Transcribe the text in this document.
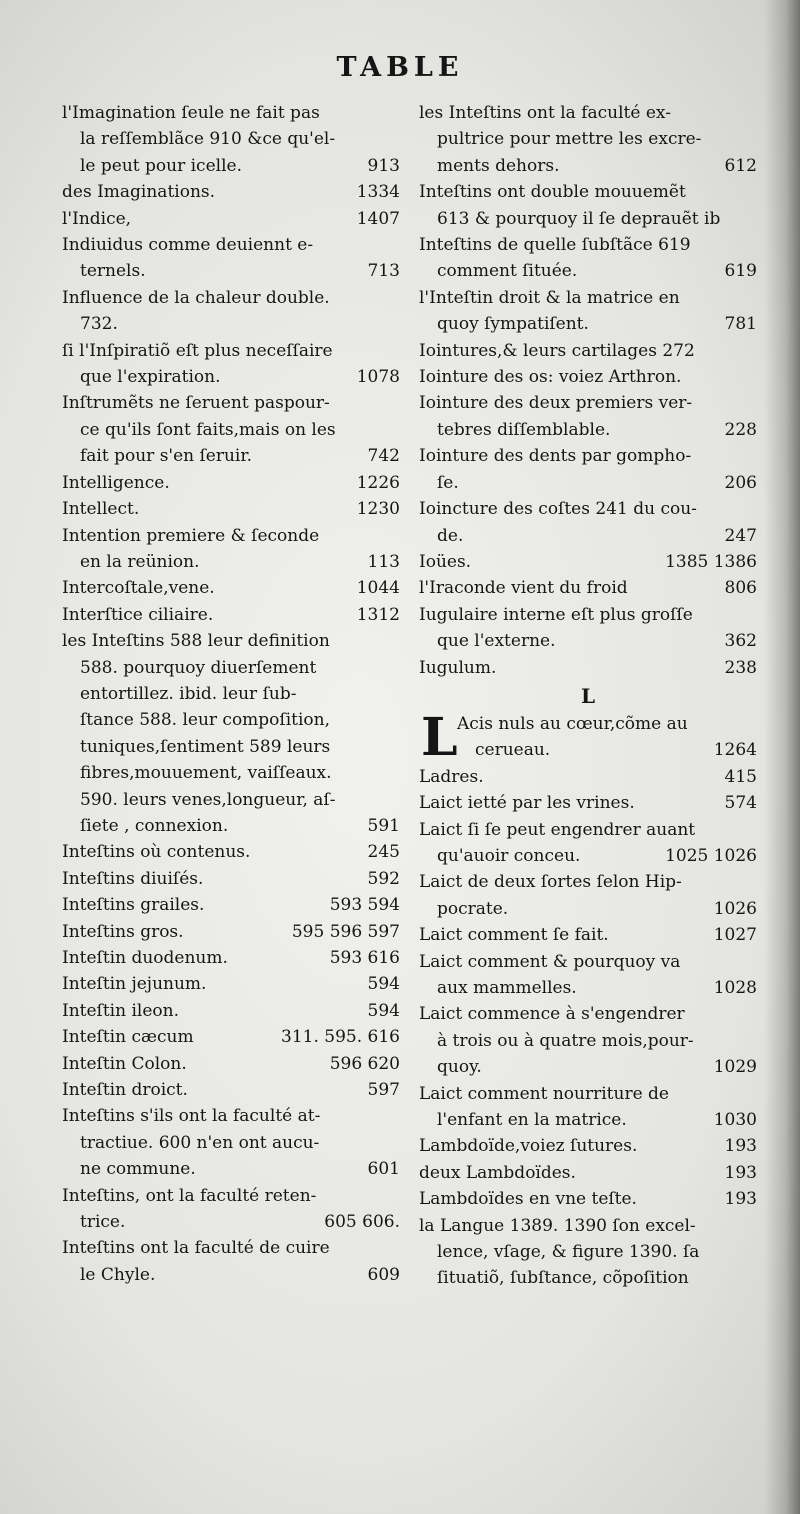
TABLE
l'Imagination ſeule ne fait pas
la reſſemblãce 910 &ce qu'el-
le peut pour icelle.	913
des Imaginations.	1334
l'Indice,	1407
Indiuidus comme deuiennt e-
ternels.	713
Influence de la chaleur double.
732.
ſi l'Inſpiratiõ eſt plus neceſſaire
que l'expiration.	1078
Inſtrumẽts ne ſeruent paspour-
ce qu'ils ſont faits,mais on les
fait pour s'en ſeruir.	742
Intelligence.	1226
Intellect.	1230
Intention premiere & ſeconde
en la reünion.	113
Intercoſtale,vene.	1044
Interſtice ciliaire.	1312
les Inteſtins 588 leur definition
588. pourquoy diuerſement
entortillez. ibid. leur ſub-
ſtance 588. leur compoſition,
tuniques,ſentiment 589 leurs
fibres,mouuement, vaiſſeaux.
590. leurs venes,longueur, aſ-
ſiete , connexion.	591
Inteſtins où contenus.	245
Inteſtins diuiſés.	592
Inteſtins grailes.	593 594
Inteſtins gros.	595 596 597
Inteſtin duodenum.	593 616
Inteſtin jejunum.	594
Inteſtin ileon.	594
Inteſtin cæcum	311. 595. 616
Inteſtin Colon.	596 620
Inteſtin droict.	597
Inteſtins s'ils ont la faculté at-
tractiue. 600 n'en ont aucu-
ne commune.	601
Inteſtins, ont la faculté reten-
trice.	605 606.
Inteſtins ont la faculté de cuire
le Chyle.	609
les Inteſtins ont la faculté ex-
pultrice pour mettre les excre-
ments dehors.	612
Inteſtins ont double mouuemẽt
613 & pourquoy il ſe deprauẽt ib
Inteſtins de quelle ſubſtãce 619
comment ſituée.	619
l'Inteſtin droit & la matrice en
quoy ſympatiſent.	781
Iointures,& leurs cartilages 272
Iointure des os: voiez Arthron.
Iointure des deux premiers ver-
tebres diſſemblable.	228
Iointure des dents par gompho-
ſe.	206
Ioincture des coſtes 241 du cou-
de.	247
Ioües.	1385 1386
l'Iraconde vient du froid	806
Iugulaire interne eſt plus groſſe
que l'externe.	362
Iugulum.	238
L
L Acis nuls au cœur,cõme au
cerueau.	1264
Ladres.	415
Laict ietté par les vrines.	574
Laict ſi ſe peut engendrer auant
qu'auoir conceu.	1025 1026
Laict de deux ſortes ſelon Hip-
pocrate.	1026
Laict comment ſe fait.	1027
Laict comment & pourquoy va
aux mammelles.	1028
Laict commence à s'engendrer
à trois ou à quatre mois,pour-
quoy.	1029
Laict comment nourriture de
l'enfant en la matrice.	1030
Lambdoïde,voiez ſutures.	193
deux Lambdoïdes.	193
Lambdoïdes en vne teſte.	193
la Langue 1389. 1390 ſon excel-
lence, vſage, & figure 1390. ſa
ſituatiõ, ſubſtance, cõpoſition
